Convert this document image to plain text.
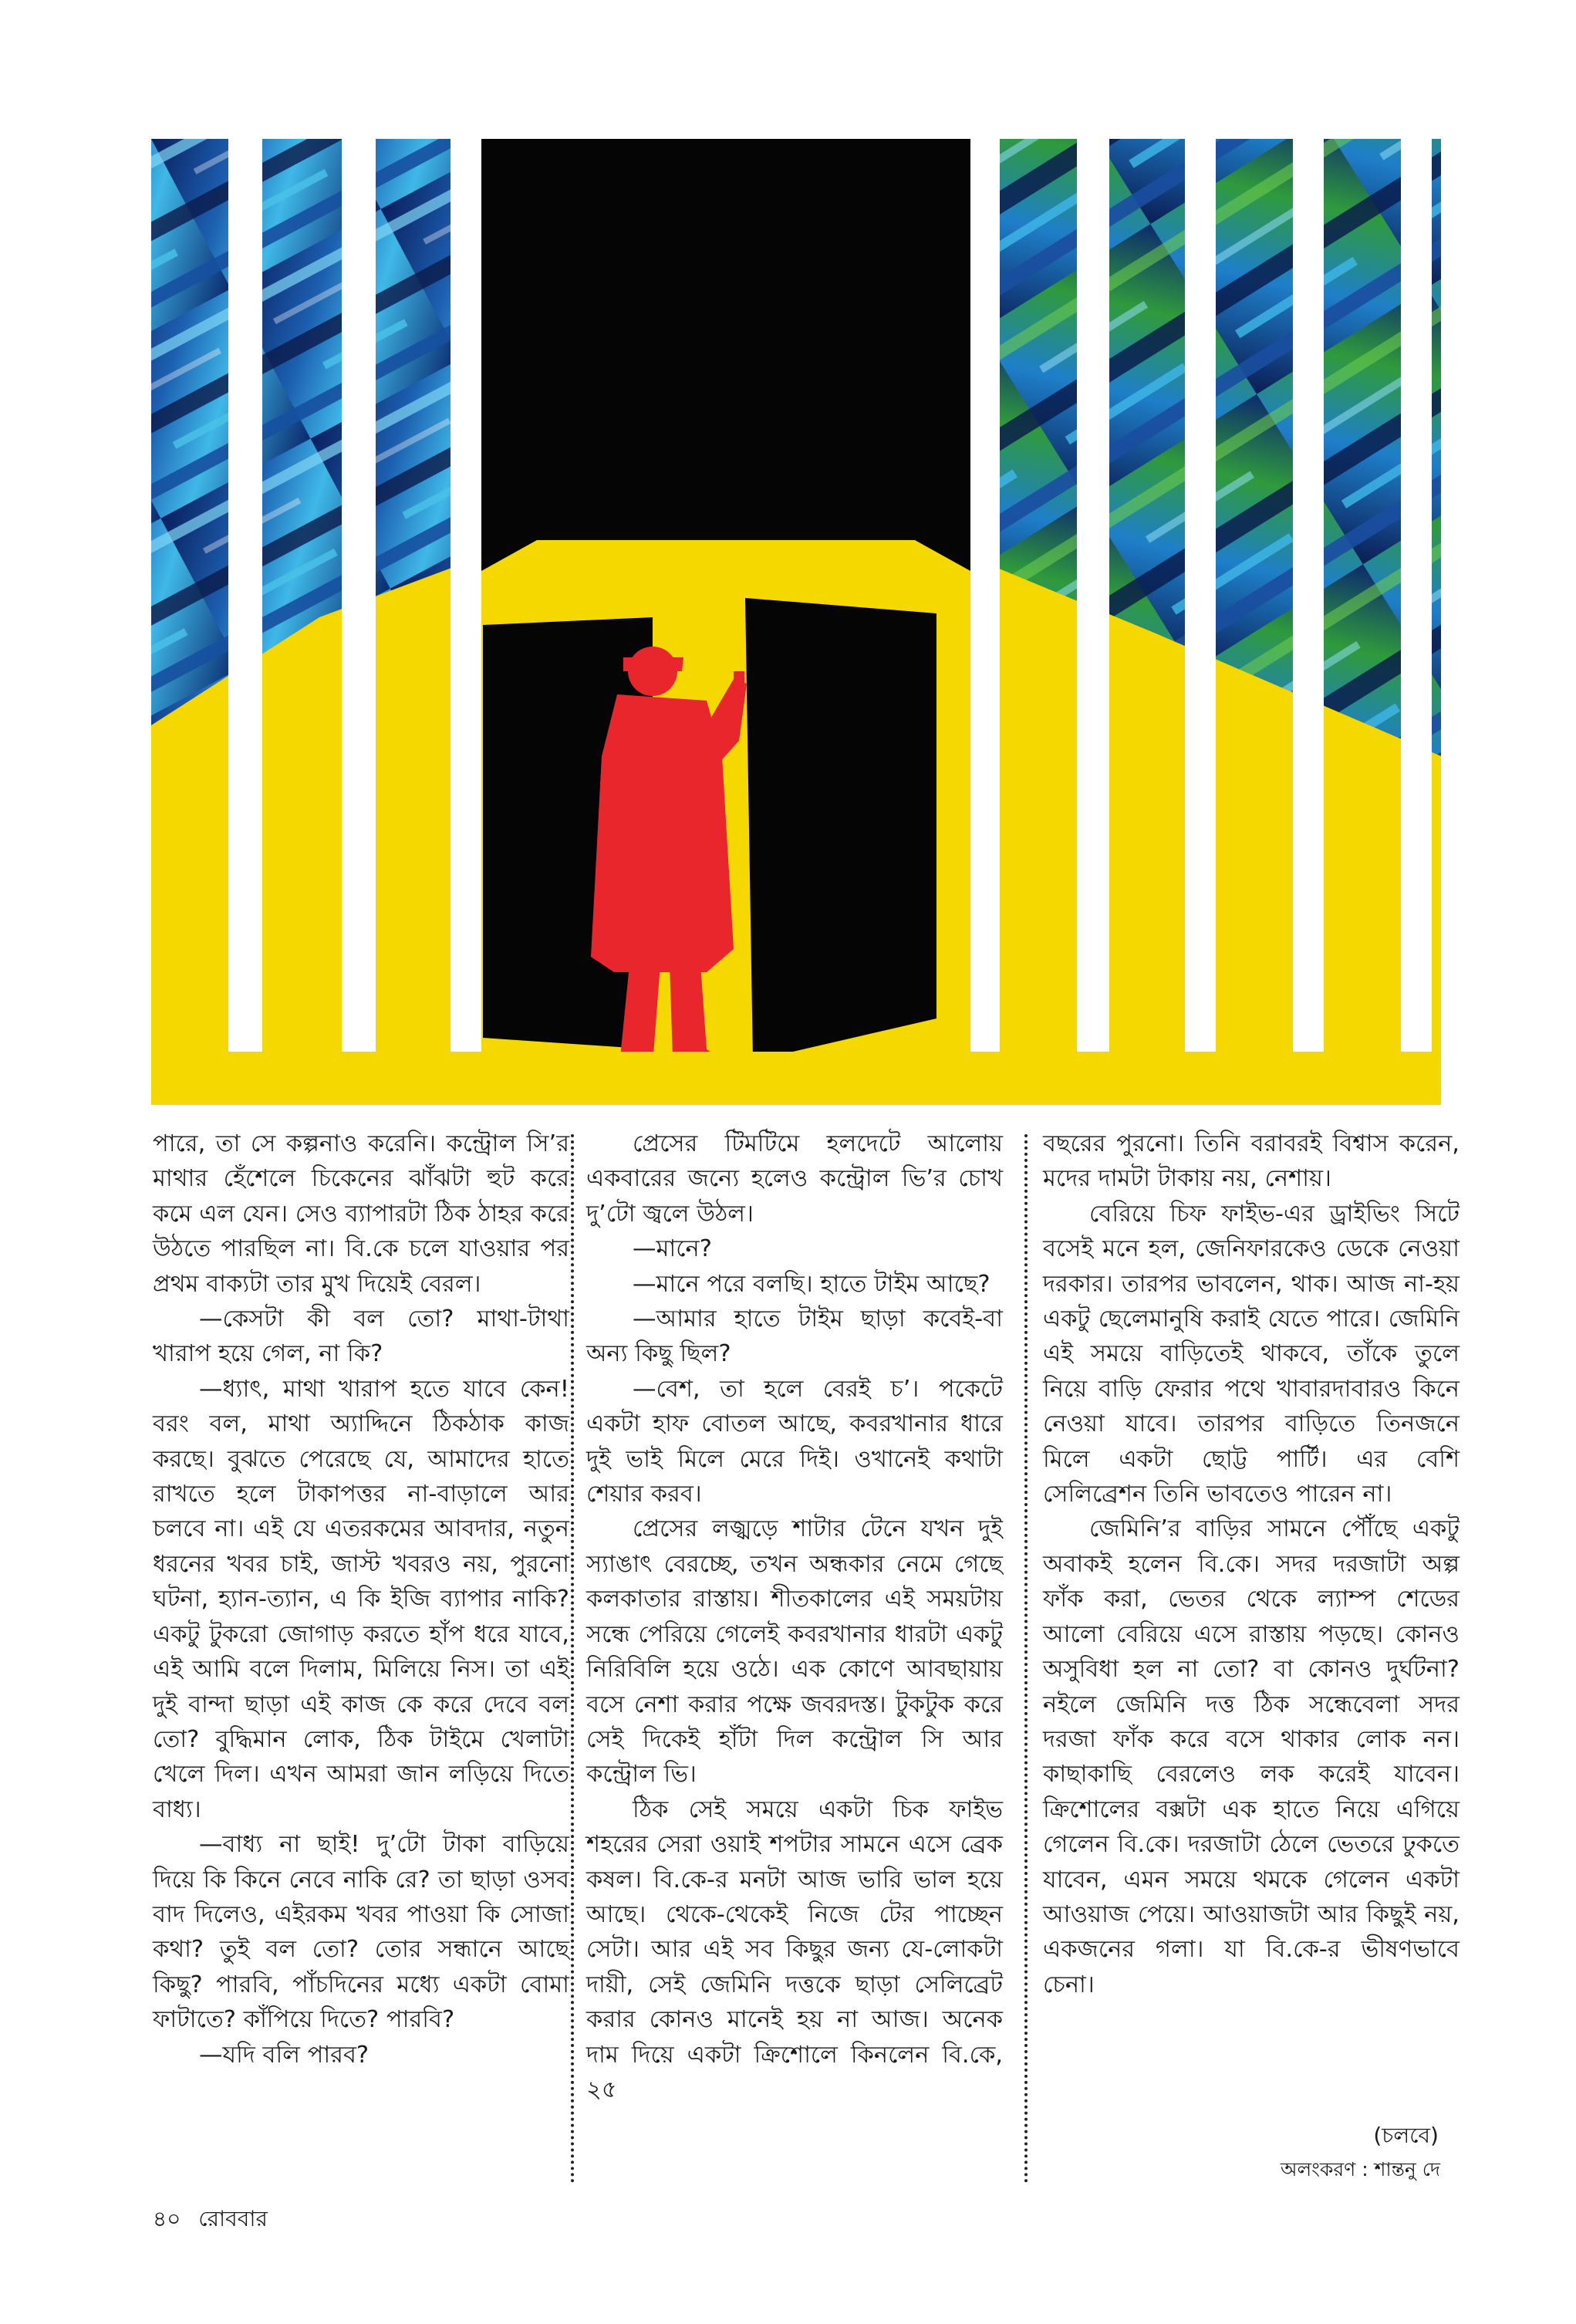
পারে, তা সে কল্পনাও করেনি। কন্ট্রোল সি’র মাথার হেঁশেলে চিকেনের ঝাঁঝটা হুট করে কমে এল যেন। সেও ব্যাপারটা ঠিক ঠাহর করে উঠতে পারছিল না। বি.কে চলে যাওয়ার পর প্রথম বাক্যটা তার মুখ দিয়েই বেরল।

—কেসটা কী বল তো? মাথা-টাথা খারাপ হয়ে গেল, না কি?

—ধ্যাৎ, মাথা খারাপ হতে যাবে কেন! বরং বল, মাথা অ্যাদ্দিনে ঠিকঠাক কাজ করছে। বুঝতে পেরেছে যে, আমাদের হাতে রাখতে হলে টাকাপত্তর না-বাড়ালে আর চলবে না। এই যে এতরকমের আবদার, নতুন ধরনের খবর চাই, জাস্ট খবরও নয়, পুরনো ঘটনা, হ্যান-ত্যান, এ কি ইজি ব্যাপার নাকি? একটু টুকরো জোগাড় করতে হাঁপ ধরে যাবে, এই আমি বলে দিলাম, মিলিয়ে নিস। তা এই দুই বান্দা ছাড়া এই কাজ কে করে দেবে বল তো? বুদ্ধিমান লোক, ঠিক টাইমে খেলাটা খেলে দিল। এখন আমরা জান লড়িয়ে দিতে বাধ্য।

—বাধ্য না ছাই! দু’টো টাকা বাড়িয়ে দিয়ে কি কিনে নেবে নাকি রে? তা ছাড়া ওসব বাদ দিলেও, এইরকম খবর পাওয়া কি সোজা কথা? তুই বল তো? তোর সন্ধানে আছে কিছু? পারবি, পাঁচদিনের মধ্যে একটা বোমা ফাটাতে? কাঁপিয়ে দিতে? পারবি?

—যদি বলি পারব?

প্রেসের টিমটিমে হলদেটে আলোয় একবারের জন্যে হলেও কন্ট্রোল ভি’র চোখ দু’টো জ্বলে উঠল।

—মানে?

—মানে পরে বলছি। হাতে টাইম আছে?

—আমার হাতে টাইম ছাড়া কবেই-বা অন্য কিছু ছিল?

—বেশ, তা হলে বেরই চ’। পকেটে একটা হাফ বোতল আছে, কবরখানার ধারে দুই ভাই মিলে মেরে দিই। ওখানেই কথাটা শেয়ার করব।

প্রেসের লজ্ঝড়ে শাটার টেনে যখন দুই স্যাঙাৎ বেরচ্ছে, তখন অন্ধকার নেমে গেছে কলকাতার রাস্তায়। শীতকালের এই সময়টায় সন্ধে পেরিয়ে গেলেই কবরখানার ধারটা একটু নিরিবিলি হয়ে ওঠে। এক কোণে আবছায়ায় বসে নেশা করার পক্ষে জবরদস্ত। টুকটুক করে সেই দিকেই হাঁটা দিল কন্ট্রোল সি আর কন্ট্রোল ভি।

ঠিক সেই সময়ে একটা চিক ফাইভ শহরের সেরা ওয়াই শপটার সামনে এসে ব্রেক কষল। বি.কে-র মনটা আজ ভারি ভাল হয়ে আছে। থেকে-থেকেই নিজে টের পাচ্ছেন সেটা। আর এই সব কিছুর জন্য যে-লোকটা দায়ী, সেই জেমিনি দত্তকে ছাড়া সেলিব্রেট করার কোনও মানেই হয় না আজ। অনেক দাম দিয়ে একটা ক্রিশোলে কিনলেন বি.কে, ২৫

বছরের পুরনো। তিনি বরাবরই বিশ্বাস করেন, মদের দামটা টাকায় নয়, নেশায়।

বেরিয়ে চিফ ফাইভ-এর ড্রাইভিং সিটে বসেই মনে হল, জেনিফারকেও ডেকে নেওয়া দরকার। তারপর ভাবলেন, থাক। আজ না-হয় একটু ছেলেমানুষি করাই যেতে পারে। জেমিনি এই সময়ে বাড়িতেই থাকবে, তাঁকে তুলে নিয়ে বাড়ি ফেরার পথে খাবারদাবারও কিনে নেওয়া যাবে। তারপর বাড়িতে তিনজনে মিলে একটা ছোট্ট পার্টি। এর বেশি সেলিব্রেশন তিনি ভাবতেও পারেন না।

জেমিনি’র বাড়ির সামনে পৌঁছে একটু অবাকই হলেন বি.কে। সদর দরজাটা অল্প ফাঁক করা, ভেতর থেকে ল্যাম্প শেডের আলো বেরিয়ে এসে রাস্তায় পড়ছে। কোনও অসুবিধা হল না তো? বা কোনও দুর্ঘটনা? নইলে জেমিনি দত্ত ঠিক সন্ধেবেলা সদর দরজা ফাঁক করে বসে থাকার লোক নন। কাছাকাছি বেরলেও লক করেই যাবেন। ক্রিশোলের বক্সটা এক হাতে নিয়ে এগিয়ে গেলেন বি.কে। দরজাটা ঠেলে ভেতরে ঢুকতে যাবেন, এমন সময়ে থমকে গেলেন একটা আওয়াজ পেয়ে। আওয়াজটা আর কিছুই নয়, একজনের গলা। যা বি.কে-র ভীষণভাবে চেনা।

(চলবে)
অলংকরণ : শান্তনু দে
৪০ রোববার
